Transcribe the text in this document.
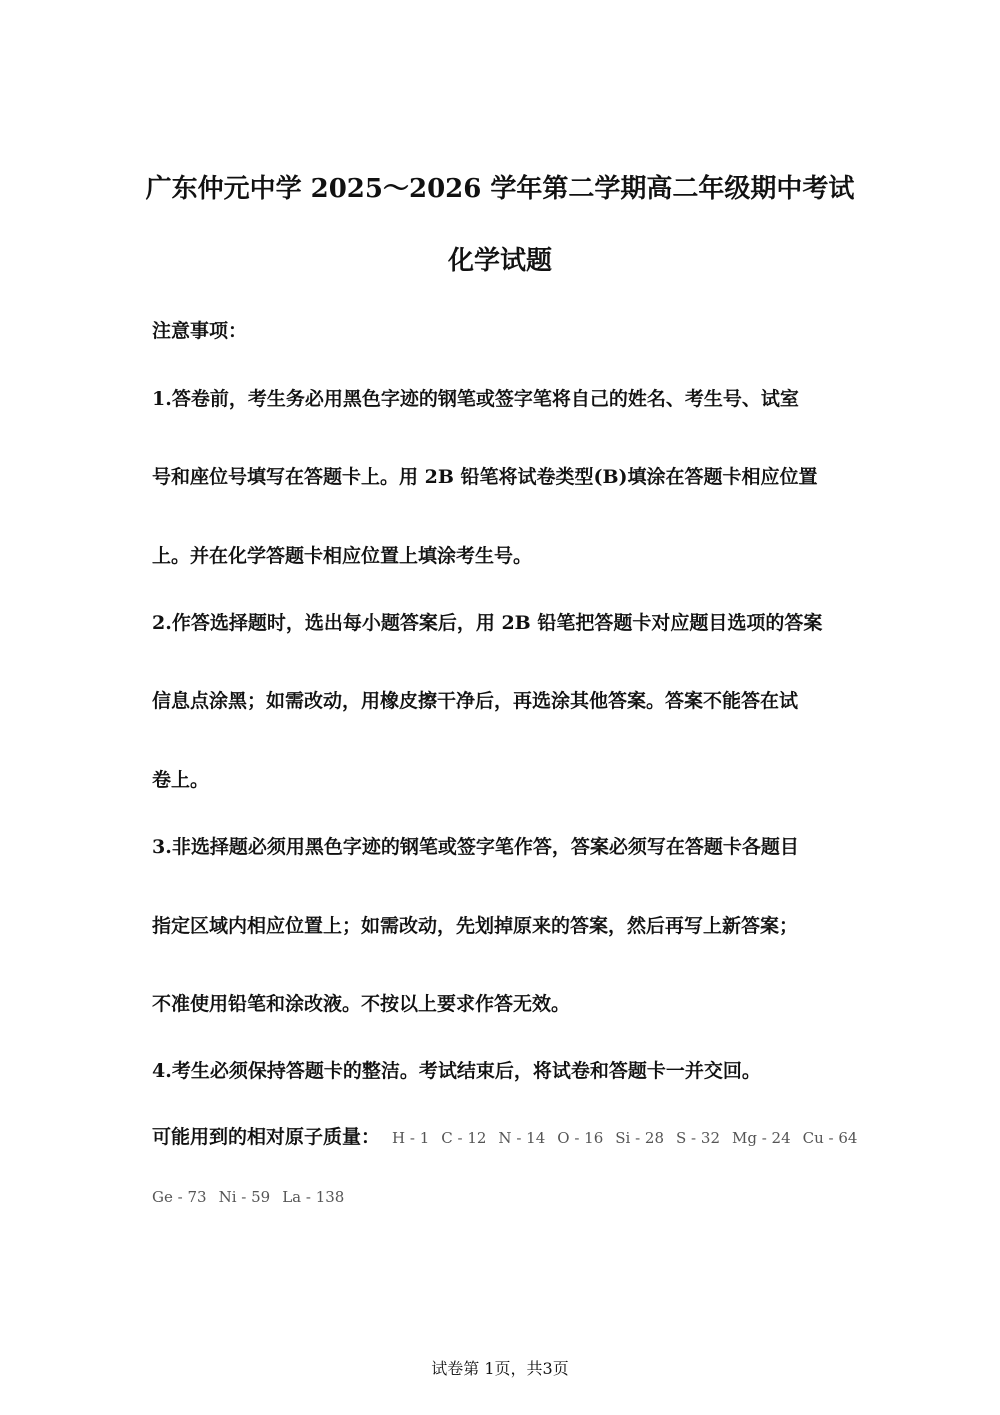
广东仲元中学 2025～2026 学年第二学期高二年级期中考试
化学试题
注意事项：
1.答卷前，考生务必用黑色字迹的钢笔或签字笔将自己的姓名、考生号、试室
号和座位号填写在答题卡上。用 2B 铅笔将试卷类型(B)填涂在答题卡相应位置
上。并在化学答题卡相应位置上填涂考生号。
2.作答选择题时，选出每小题答案后，用 2B 铅笔把答题卡对应题目选项的答案
信息点涂黑；如需改动，用橡皮擦干净后，再选涂其他答案。答案不能答在试
卷上。
3.非选择题必须用黑色字迹的钢笔或签字笔作答，答案必须写在答题卡各题目
指定区域内相应位置上；如需改动，先划掉原来的答案，然后再写上新答案；
不准使用铅笔和涂改液。不按以上要求作答无效。
4.考生必须保持答题卡的整洁。考试结束后，将试卷和答题卡一并交回。
可能用到的相对原子质量： H - 1 C - 12 N - 14 O - 16 Si - 28 S - 32 Mg - 24 Cu - 64
Ge - 73 Ni - 59 La - 138
试卷第 1页，共3页
